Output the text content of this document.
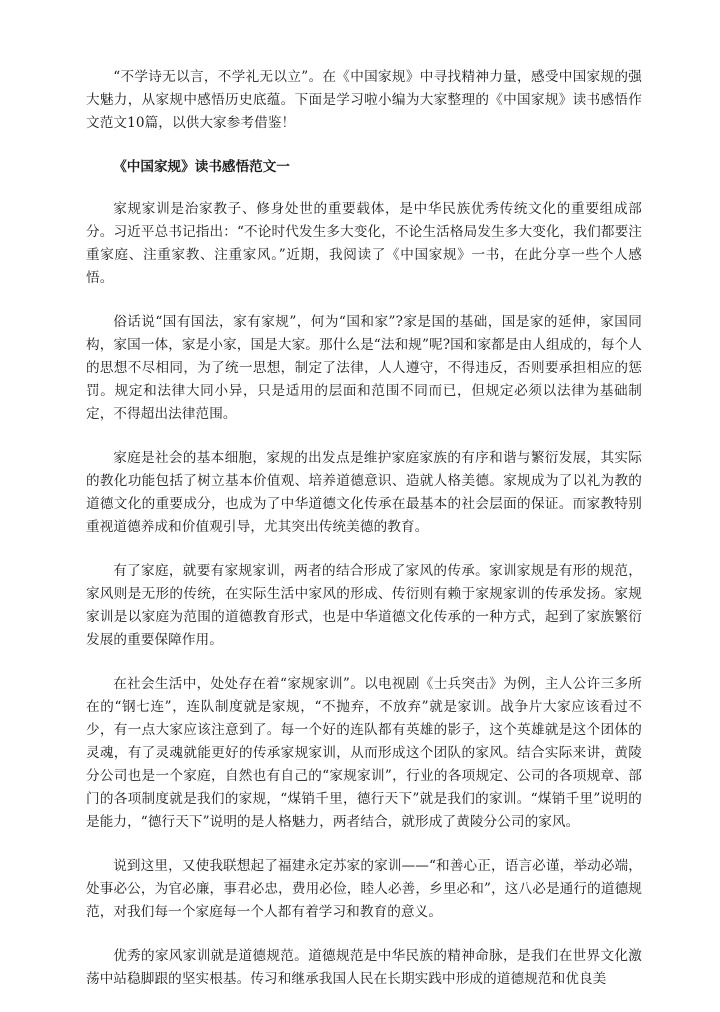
“不学诗无以言，不学礼无以立”。在《中国家规》中寻找精神力量，感受中国家规的强大魅力，从家规中感悟历史底蕴。下面是学习啦小编为大家整理的《中国家规》读书感悟作文范文10篇，以供大家参考借鉴！

《中国家规》读书感悟范文一

家规家训是治家教子、修身处世的重要载体，是中华民族优秀传统文化的重要组成部分。习近平总书记指出：“不论时代发生多大变化，不论生活格局发生多大变化，我们都要注重家庭、注重家教、注重家风。”近期，我阅读了《中国家规》一书，在此分享一些个人感悟。

俗话说“国有国法，家有家规”，何为“国和家”?家是国的基础，国是家的延伸，家国同构，家国一体，家是小家，国是大家。那什么是“法和规”呢?国和家都是由人组成的，每个人的思想不尽相同，为了统一思想，制定了法律，人人遵守，不得违反，否则要承担相应的惩罚。规定和法律大同小异，只是适用的层面和范围不同而已，但规定必须以法律为基础制定，不得超出法律范围。

家庭是社会的基本细胞，家规的出发点是维护家庭家族的有序和谐与繁衍发展，其实际的教化功能包括了树立基本价值观、培养道德意识、造就人格美德。家规成为了以礼为教的道德文化的重要成分，也成为了中华道德文化传承在最基本的社会层面的保证。而家教特别重视道德养成和价值观引导，尤其突出传统美德的教育。

有了家庭，就要有家规家训，两者的结合形成了家风的传承。家训家规是有形的规范，家风则是无形的传统，在实际生活中家风的形成、传衍则有赖于家规家训的传承发扬。家规家训是以家庭为范围的道德教育形式，也是中华道德文化传承的一种方式，起到了家族繁衍发展的重要保障作用。

在社会生活中，处处存在着“家规家训”。以电视剧《士兵突击》为例，主人公许三多所在的“钢七连”，连队制度就是家规，“不抛弃，不放弃”就是家训。战争片大家应该看过不少，有一点大家应该注意到了。每一个好的连队都有英雄的影子，这个英雄就是这个团体的灵魂，有了灵魂就能更好的传承家规家训，从而形成这个团队的家风。结合实际来讲，黄陵分公司也是一个家庭，自然也有自己的“家规家训”，行业的各项规定、公司的各项规章、部门的各项制度就是我们的家规，“煤销千里，德行天下”就是我们的家训。“煤销千里”说明的是能力，“德行天下”说明的是人格魅力，两者结合，就形成了黄陵分公司的家风。

说到这里，又使我联想起了福建永定苏家的家训——“和善心正，语言必谨，举动必端，处事必公，为官必廉，事君必忠，费用必俭，睦人必善，乡里必和”，这八必是通行的道德规范，对我们每一个家庭每一个人都有着学习和教育的意义。

优秀的家风家训就是道德规范。道德规范是中华民族的精神命脉，是我们在世界文化激荡中站稳脚跟的坚实根基。传习和继承我国人民在长期实践中形成的道德规范和优良美
